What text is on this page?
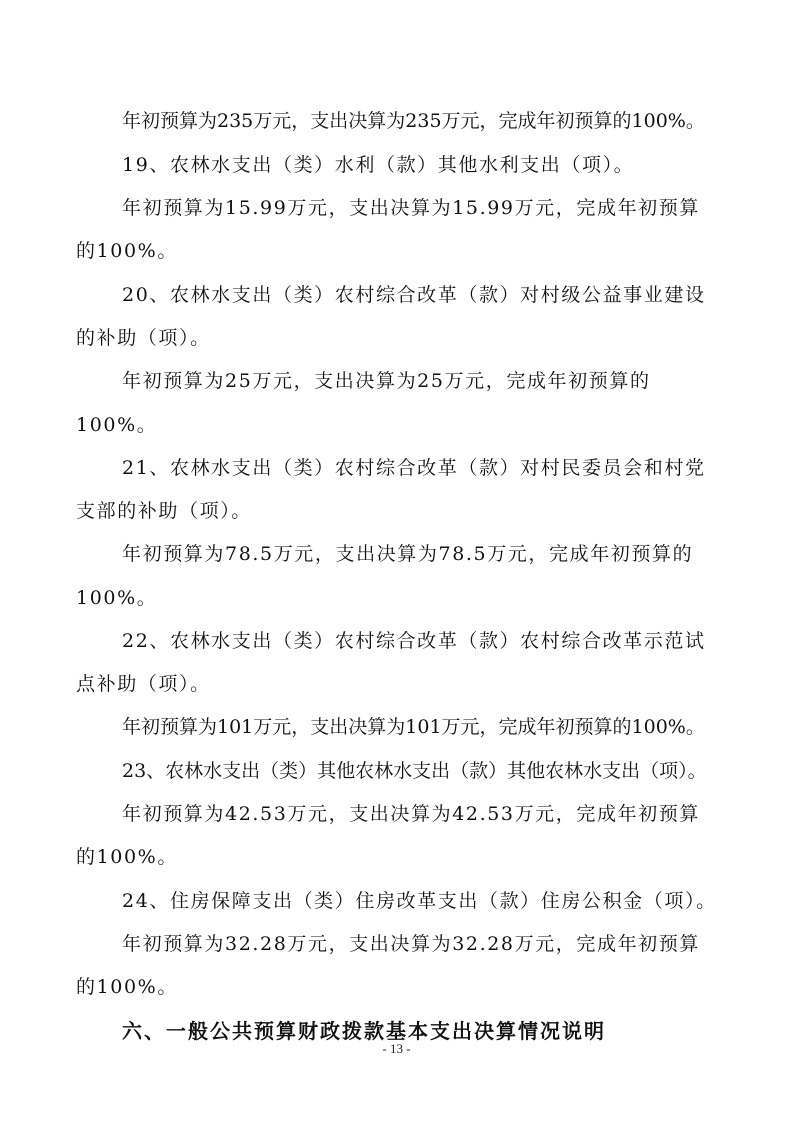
年初预算为235万元，支出决算为235万元，完成年初预算的100%。
19、农林水支出（类）水利（款）其他水利支出（项）。
年初预算为15.99万元，支出决算为15.99万元，完成年初预算
的100%。
20、农林水支出（类）农村综合改革（款）对村级公益事业建设
的补助（项）。
年初预算为25万元，支出决算为25万元，完成年初预算的
100%。
21、农林水支出（类）农村综合改革（款）对村民委员会和村党
支部的补助（项）。
年初预算为78.5万元，支出决算为78.5万元，完成年初预算的
100%。
22、农林水支出（类）农村综合改革（款）农村综合改革示范试
点补助（项）。
年初预算为101万元，支出决算为101万元，完成年初预算的100%。
23、农林水支出（类）其他农林水支出（款）其他农林水支出（项）。
年初预算为42.53万元，支出决算为42.53万元，完成年初预算
的100%。
24、住房保障支出（类）住房改革支出（款）住房公积金（项）。
年初预算为32.28万元，支出决算为32.28万元，完成年初预算
的100%。
六、一般公共预算财政拨款基本支出决算情况说明
- 13 -
